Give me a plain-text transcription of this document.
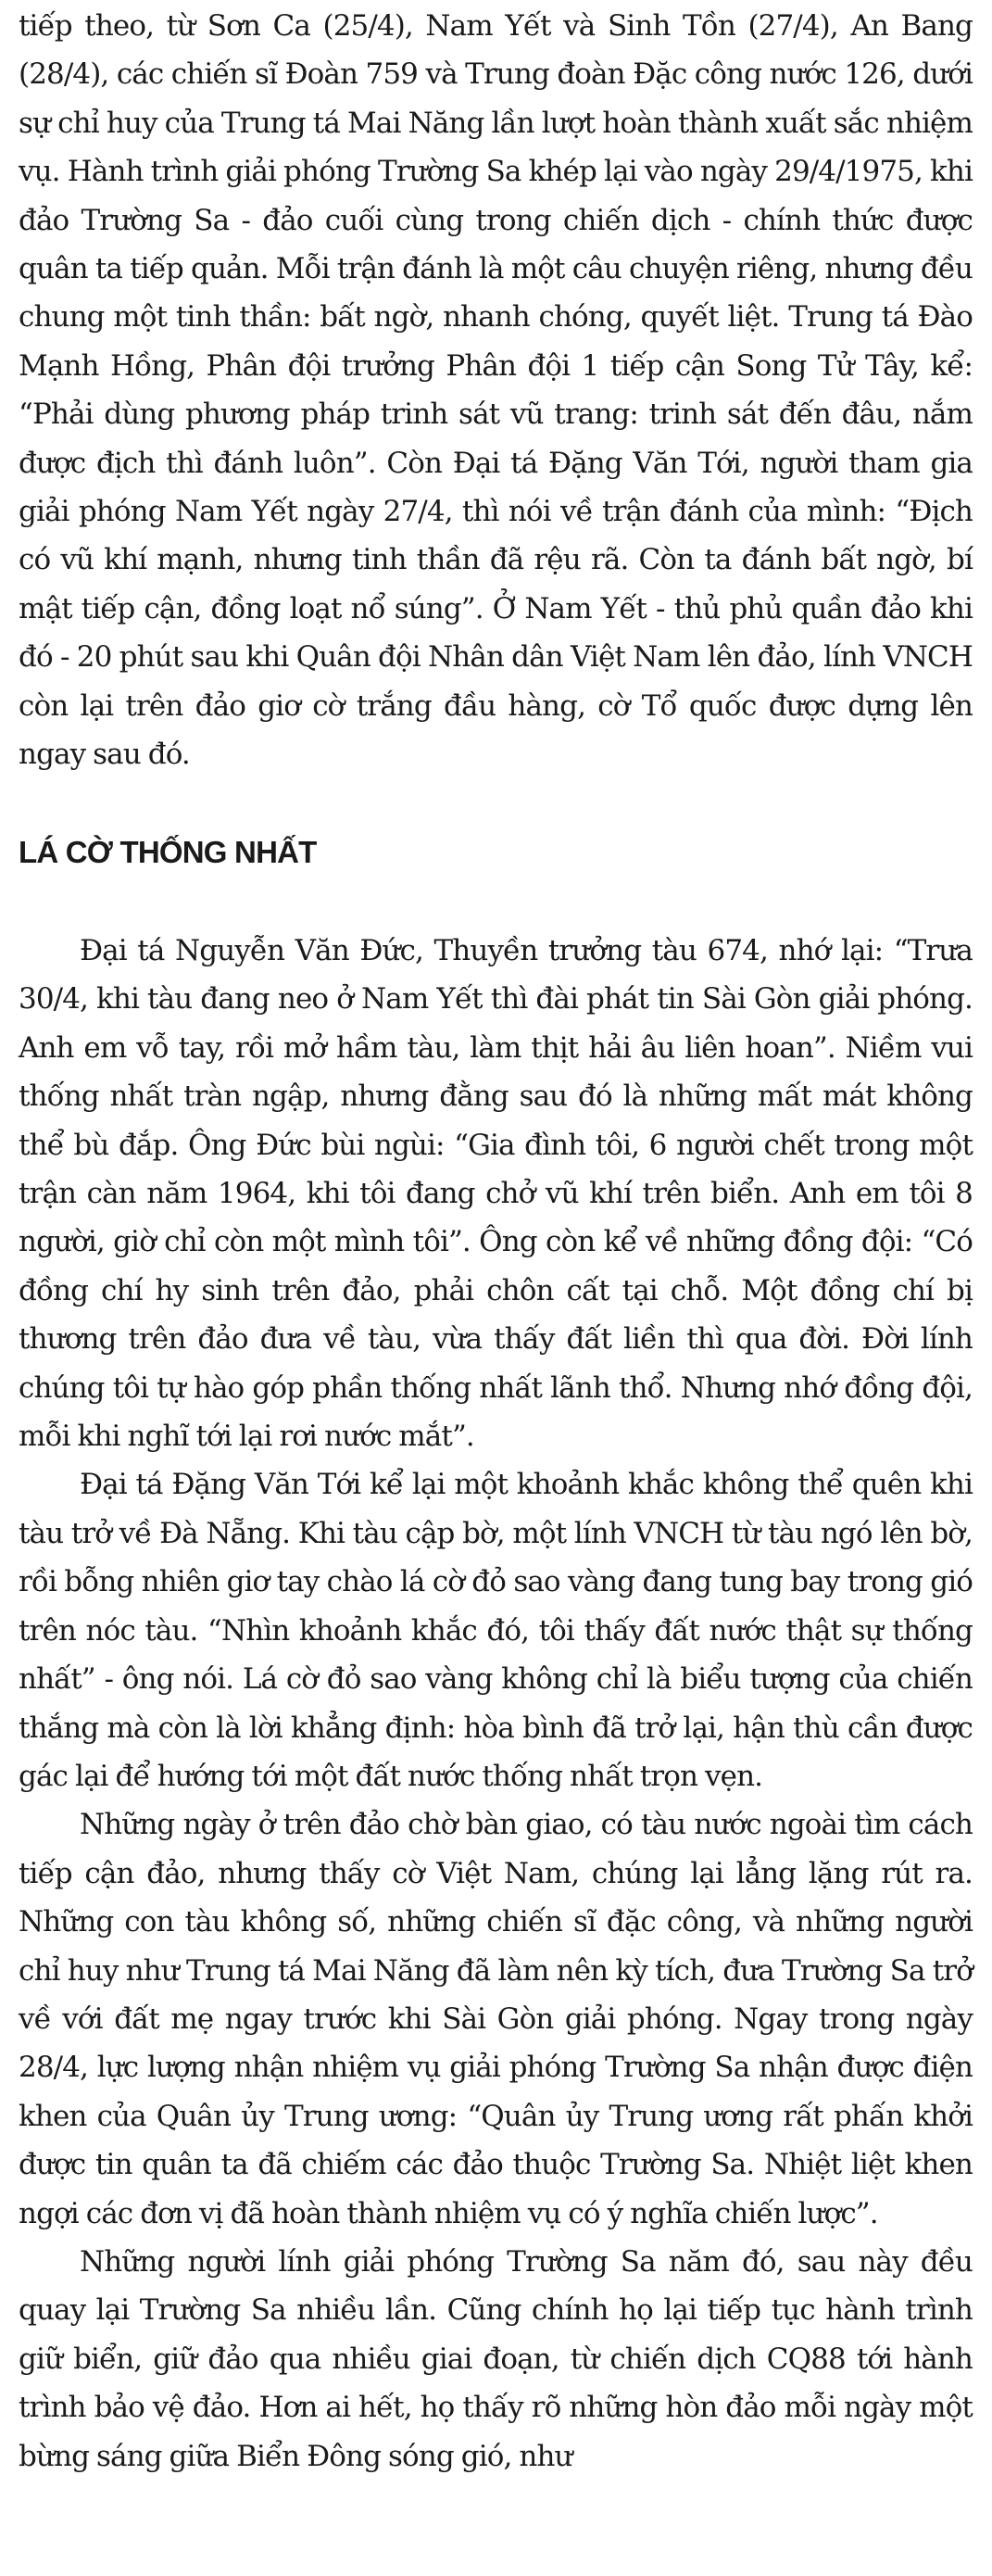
tiếp theo, từ Sơn Ca (25/4), Nam Yết và Sinh Tồn (27/4), An Bang (28/4), các chiến sĩ Đoàn 759 và Trung đoàn Đặc công nước 126, dưới sự chỉ huy của Trung tá Mai Năng lần lượt hoàn thành xuất sắc nhiệm vụ. Hành trình giải phóng Trường Sa khép lại vào ngày 29/4/1975, khi đảo Trường Sa - đảo cuối cùng trong chiến dịch - chính thức được quân ta tiếp quản. Mỗi trận đánh là một câu chuyện riêng, nhưng đều chung một tinh thần: bất ngờ, nhanh chóng, quyết liệt. Trung tá Đào Mạnh Hồng, Phân đội trưởng Phân đội 1 tiếp cận Song Tử Tây, kể: “Phải dùng phương pháp trinh sát vũ trang: trinh sát đến đâu, nắm được địch thì đánh luôn”. Còn Đại tá Đặng Văn Tới, người tham gia giải phóng Nam Yết ngày 27/4, thì nói về trận đánh của mình: “Địch có vũ khí mạnh, nhưng tinh thần đã rệu rã. Còn ta đánh bất ngờ, bí mật tiếp cận, đồng loạt nổ súng”. Ở Nam Yết - thủ phủ quần đảo khi đó - 20 phút sau khi Quân đội Nhân dân Việt Nam lên đảo, lính VNCH còn lại trên đảo giơ cờ trắng đầu hàng, cờ Tổ quốc được dựng lên ngay sau đó.

LÁ CỜ THỐNG NHẤT

Đại tá Nguyễn Văn Đức, Thuyền trưởng tàu 674, nhớ lại: “Trưa 30/4, khi tàu đang neo ở Nam Yết thì đài phát tin Sài Gòn giải phóng. Anh em vỗ tay, rồi mở hầm tàu, làm thịt hải âu liên hoan”. Niềm vui thống nhất tràn ngập, nhưng đằng sau đó là những mất mát không thể bù đắp. Ông Đức bùi ngùi: “Gia đình tôi, 6 người chết trong một trận càn năm 1964, khi tôi đang chở vũ khí trên biển. Anh em tôi 8 người, giờ chỉ còn một mình tôi”. Ông còn kể về những đồng đội: “Có đồng chí hy sinh trên đảo, phải chôn cất tại chỗ. Một đồng chí bị thương trên đảo đưa về tàu, vừa thấy đất liền thì qua đời. Đời lính chúng tôi tự hào góp phần thống nhất lãnh thổ. Nhưng nhớ đồng đội, mỗi khi nghĩ tới lại rơi nước mắt”.

Đại tá Đặng Văn Tới kể lại một khoảnh khắc không thể quên khi tàu trở về Đà Nẵng. Khi tàu cập bờ, một lính VNCH từ tàu ngó lên bờ, rồi bỗng nhiên giơ tay chào lá cờ đỏ sao vàng đang tung bay trong gió trên nóc tàu. “Nhìn khoảnh khắc đó, tôi thấy đất nước thật sự thống nhất” - ông nói. Lá cờ đỏ sao vàng không chỉ là biểu tượng của chiến thắng mà còn là lời khẳng định: hòa bình đã trở lại, hận thù cần được gác lại để hướng tới một đất nước thống nhất trọn vẹn.

Những ngày ở trên đảo chờ bàn giao, có tàu nước ngoài tìm cách tiếp cận đảo, nhưng thấy cờ Việt Nam, chúng lại lẳng lặng rút ra. Những con tàu không số, những chiến sĩ đặc công, và những người chỉ huy như Trung tá Mai Năng đã làm nên kỳ tích, đưa Trường Sa trở về với đất mẹ ngay trước khi Sài Gòn giải phóng. Ngay trong ngày 28/4, lực lượng nhận nhiệm vụ giải phóng Trường Sa nhận được điện khen của Quân ủy Trung ương: “Quân ủy Trung ương rất phấn khởi được tin quân ta đã chiếm các đảo thuộc Trường Sa. Nhiệt liệt khen ngợi các đơn vị đã hoàn thành nhiệm vụ có ý nghĩa chiến lược”.

Những người lính giải phóng Trường Sa năm đó, sau này đều quay lại Trường Sa nhiều lần. Cũng chính họ lại tiếp tục hành trình giữ biển, giữ đảo qua nhiều giai đoạn, từ chiến dịch CQ88 tới hành trình bảo vệ đảo. Hơn ai hết, họ thấy rõ những hòn đảo mỗi ngày một bừng sáng giữa Biển Đông sóng gió, như
